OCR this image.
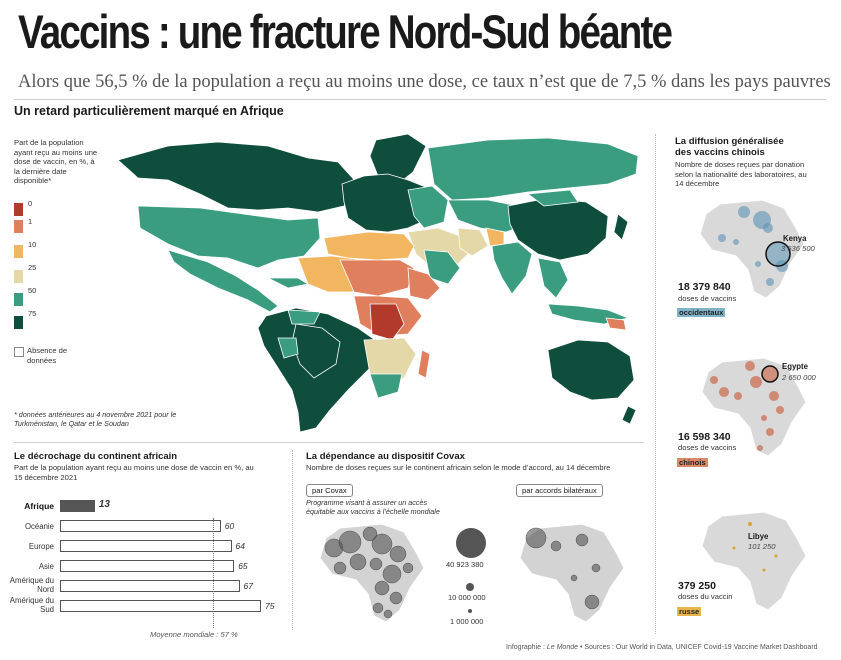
Vaccins : une fracture Nord-Sud béante
Alors que 56,5 % de la population a reçu au moins une dose, ce taux n’est que de 7,5 % dans les pays pauvres
Un retard particulièrement marqué en Afrique
Part de la population ayant reçu au moins une dose de vaccin, en %, à la dernière date disponible*
0
1
10
25
50
75
Absence de données
* données antérieures au 4 novembre 2021 pour le Turkménistan, le Qatar et le Soudan
La diffusion généralisée des vaccins chinois
Nombre de doses reçues par donation selon la nationalité des laboratoires, au 14 décembre
Kenya
3 536 500
18 379 840
doses de vaccins
occidentaux
Egypte
2 650 000
16 598 340
doses de vaccins
chinois
Libye
101 250
379 250
doses du vaccin
russe
Le décrochage du continent africain
Part de la population ayant reçu au moins une dose de vaccin en %, au 15 décembre 2021
Afrique	13
Océanie	60
Europe	64
Asie	65
Amérique du Nord	67
Amérique du Sud	75
Moyenne mondiale : 57 %
La dépendance au dispositif Covax
Nombre de doses reçues sur le continent africain selon le mode d’accord, au 14 décembre
par Covax
Programme visant à assurer un accès équitable aux vaccins à l’échelle mondiale
par accords bilatéraux
40 923 380
10 000 000
1 000 000
Infographie : Le Monde • Sources : Our World in Data, UNICEF Covid-19 Vaccine Market Dashboard
